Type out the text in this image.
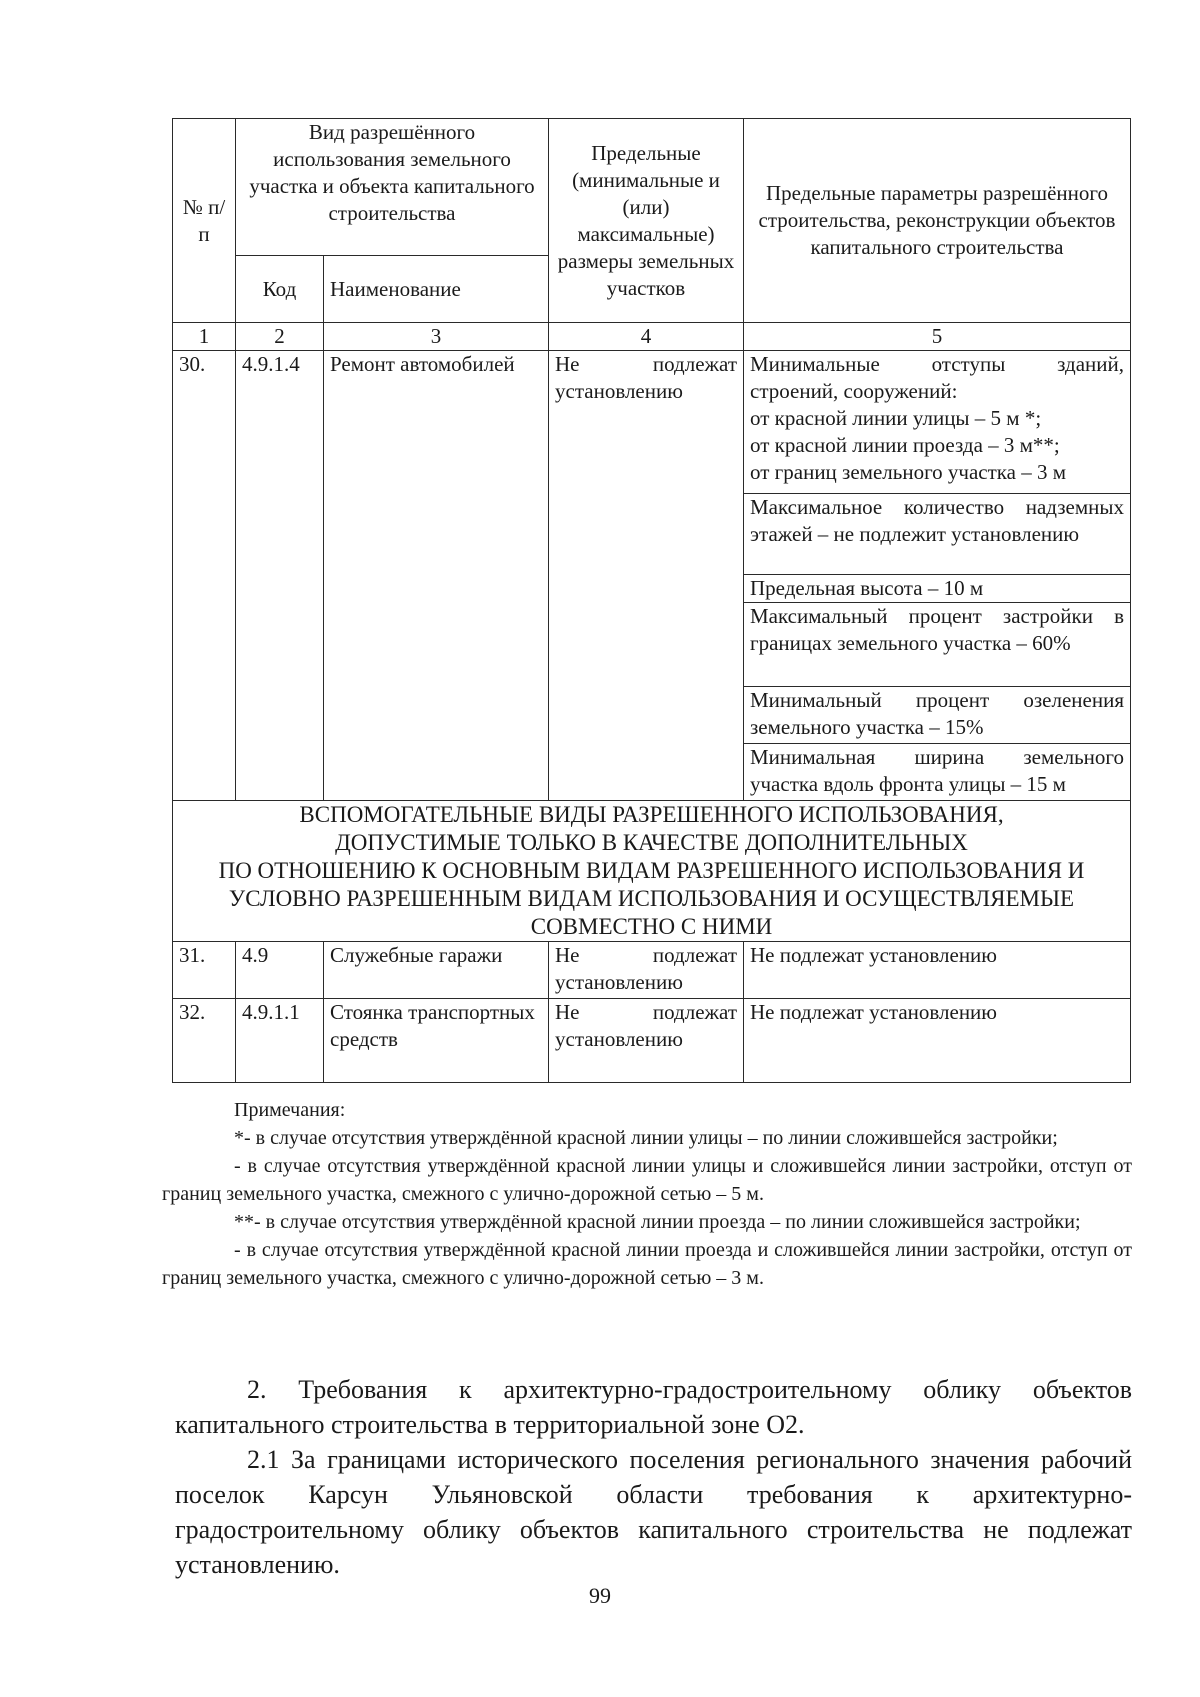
№ п/п	Вид разрешённого использования земельного участка и объекта капитального строительства		Предельные (минимальные и (или) максимальные) размеры земельных участков	Предельные параметры разрешённого строительства, реконструкции объектов капитального строительства
	Код	Наименование		
1	2	3	4	5
30.	4.9.1.4	Ремонт автомобилей	Не подлежат установлению	Минимальные отступы зданий, строений, сооружений:
от красной линии улицы – 5 м *;
от красной линии проезда – 3 м**;
от границ земельного участка – 3 м

				Максимальное количество надземных этажей – не подлежит установлению
				Предельная высота – 10 м
				Максимальный процент застройки в границах земельного участка – 60%
				Минимальный процент озеленения земельного участка – 15%
				Минимальная ширина земельного участка вдоль фронта улицы – 15 м

ВСПОМОГАТЕЛЬНЫЕ ВИДЫ РАЗРЕШЕННОГО ИСПОЛЬЗОВАНИЯ,
ДОПУСТИМЫЕ ТОЛЬКО В КАЧЕСТВЕ ДОПОЛНИТЕЛЬНЫХ
ПО ОТНОШЕНИЮ К ОСНОВНЫМ ВИДАМ РАЗРЕШЕННОГО ИСПОЛЬЗОВАНИЯ И
УСЛОВНО РАЗРЕШЕННЫМ ВИДАМ ИСПОЛЬЗОВАНИЯ И ОСУЩЕСТВЛЯЕМЫЕ
СОВМЕСТНО С НИМИ				

31.	4.9	Служебные гаражи	Не подлежат установлению	Не подлежат установлению
32.	4.9.1.1	Стоянка транспортных средств	Не подлежат установлению	Не подлежат установлению

Примечания:

*- в случае отсутствия утверждённой красной линии улицы – по линии сложившейся застройки;

- в случае отсутствия утверждённой красной линии улицы и сложившейся линии застройки, отступ от границ земельного участка, смежного с улично-дорожной сетью – 5 м.

**- в случае отсутствия утверждённой красной линии проезда – по линии сложившейся застройки;

- в случае отсутствия утверждённой красной линии проезда и сложившейся линии застройки, отступ от границ земельного участка, смежного с улично-дорожной сетью – 3 м.

2. Требования к архитектурно-градостроительному облику объектов капитального строительства в территориальной зоне О2.

2.1 За границами исторического поселения регионального значения рабочий поселок Карсун Ульяновской области требования к архитектурно-градостроительному облику объектов капитального строительства не подлежат установлению.

99
